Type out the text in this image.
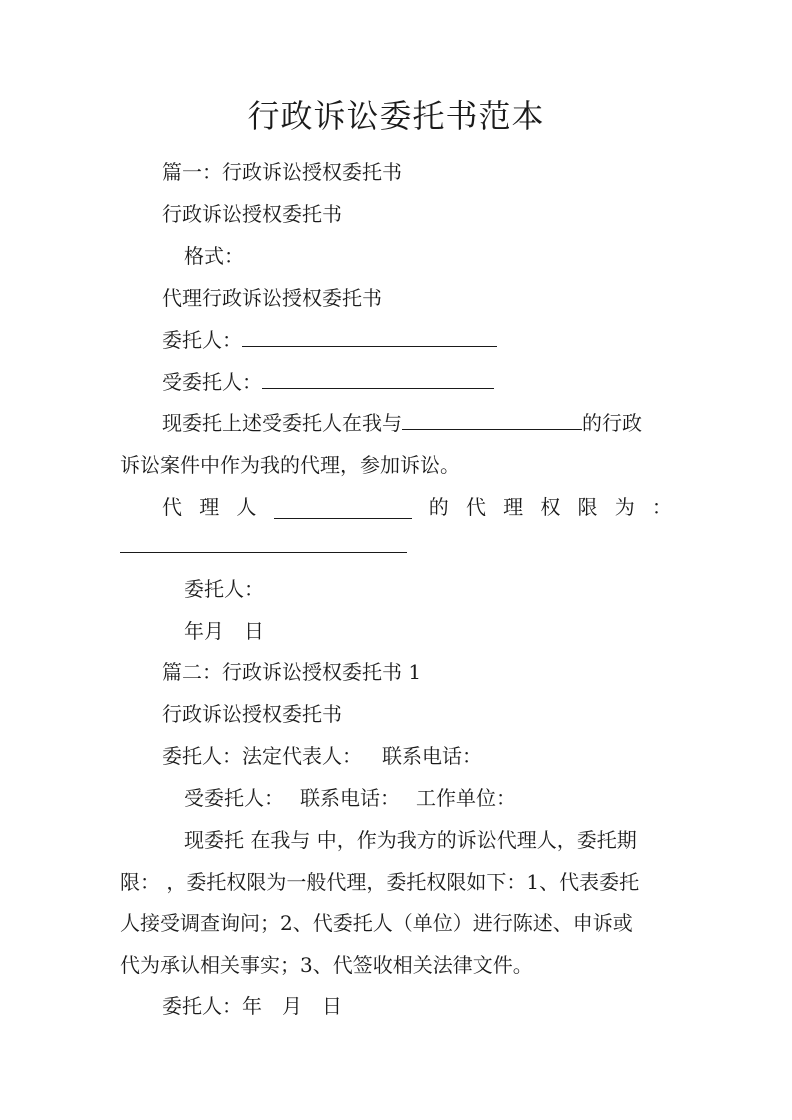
行政诉讼委托书范本
篇一：行政诉讼授权委托书
行政诉讼授权委托书
格式：
代理行政诉讼授权委托书
委托人：
受委托人：
现委托上述受委托人在我与	的行政
诉讼案件中作为我的代理，参加诉讼。
代 理 人	的 代 理 权 限 为 ：
委托人：
年月 日
篇二：行政诉讼授权委托书 1
行政诉讼授权委托书
委托人：法定代表人： 联系电话：
受委托人： 联系电话： 工作单位：
现委托 在我与 中，作为我方的诉讼代理人，委托期
限： ，委托权限为一般代理，委托权限如下：1、代表委托
人接受调查询问；2、代委托人（单位）进行陈述、申诉或
代为承认相关事实；3、代签收相关法律文件。
委托人：年 月 日
